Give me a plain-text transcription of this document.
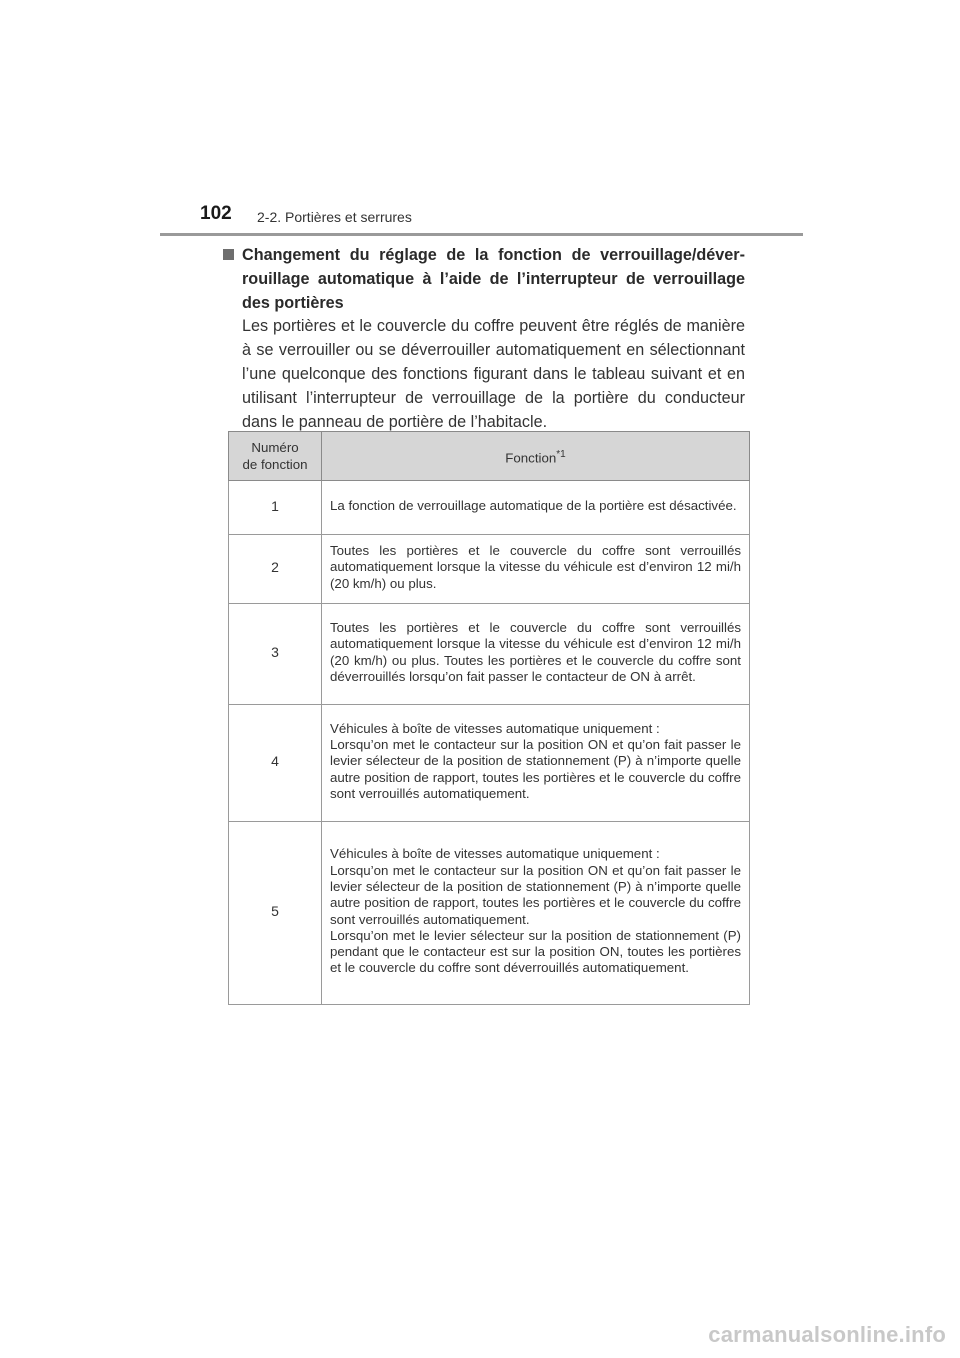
102 2-2. Portières et serrures
Changement du réglage de la fonction de verrouillage/déverrouillage automatique à l’aide de l’interrupteur de verrouillage des portières

Les portières et le couvercle du coffre peuvent être réglés de manière à se verrouiller ou se déverrouiller automatiquement en sélectionnant l’une quelconque des fonctions figurant dans le tableau suivant et en utilisant l’interrupteur de verrouillage de la portière du conducteur dans le panneau de portière de l’habitacle.

Numéro
de fonction	Fonction$^{*1}$
1	La fonction de verrouillage automatique de la portière est désactivée.
2	Toutes les portières et le couvercle du coffre sont verrouillés automatiquement lorsque la vitesse du véhicule est d’environ 12 mi/h (20 km/h) ou plus.
3	Toutes les portières et le couvercle du coffre sont verrouillés automatiquement lorsque la vitesse du véhicule est d’environ 12 mi/h (20 km/h) ou plus. Toutes les portières et le couvercle du coffre sont déverrouillés lorsqu’on fait passer le contacteur de ON à arrêt.
4	Véhicules à boîte de vitesses automatique uniquement :
Lorsqu’on met le contacteur sur la position ON et qu’on fait passer le levier sélecteur de la position de stationnement (P) à n’importe quelle autre position de rapport, toutes les portières et le couvercle du coffre sont verrouillés automatiquement.

5	Véhicules à boîte de vitesses automatique uniquement :
Lorsqu’on met le contacteur sur la position ON et qu’on fait passer le levier sélecteur de la position de stationnement (P) à n’importe quelle autre position de rapport, toutes les portières et le couvercle du coffre sont verrouillés automatiquement.
Lorsqu’on met le levier sélecteur sur la position de stationnement (P) pendant que le contacteur est sur la position ON, toutes les portières et le couvercle du coffre sont déverrouillés automatiquement.
carmanualsonline.info
